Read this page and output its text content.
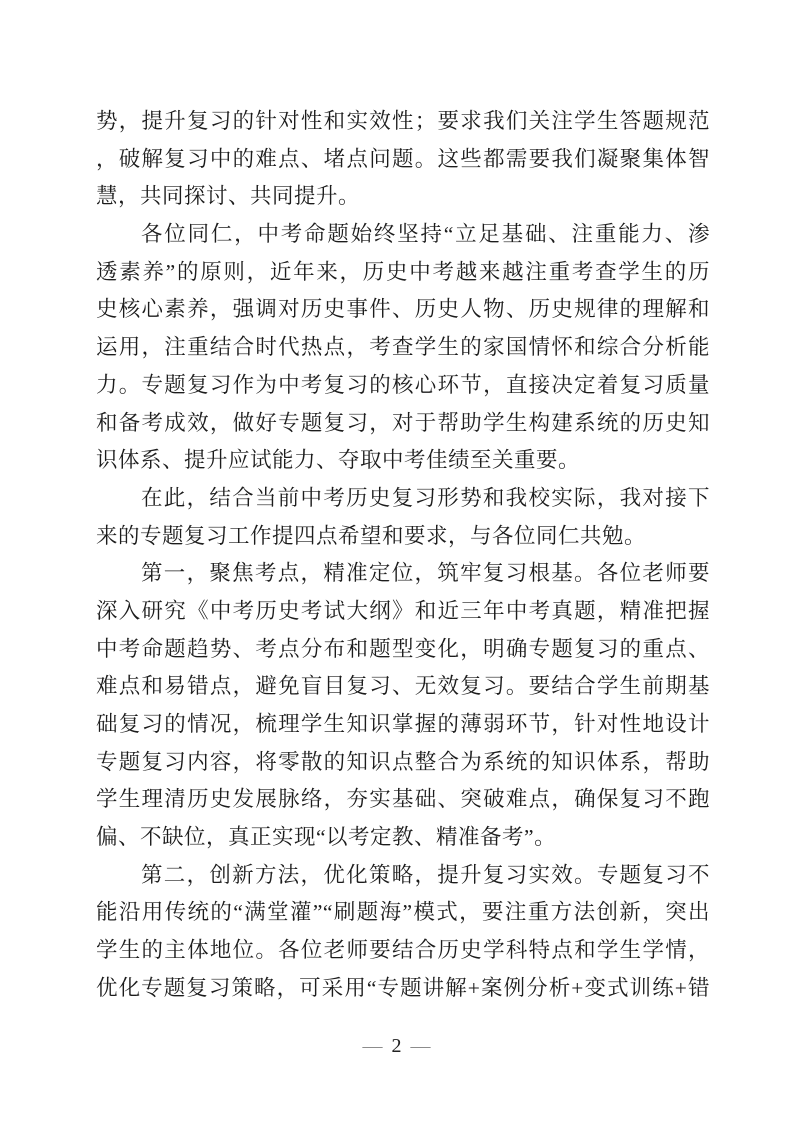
势，提升复习的针对性和实效性；要求我们关注学生答题规范
，破解复习中的难点、堵点问题。这些都需要我们凝聚集体智
慧，共同探讨、共同提升。
各位同仁，中考命题始终坚持“立足基础、注重能力、渗
透素养”的原则，近年来，历史中考越来越注重考查学生的历
史核心素养，强调对历史事件、历史人物、历史规律的理解和
运用，注重结合时代热点，考查学生的家国情怀和综合分析能
力。专题复习作为中考复习的核心环节，直接决定着复习质量
和备考成效，做好专题复习，对于帮助学生构建系统的历史知
识体系、提升应试能力、夺取中考佳绩至关重要。
在此，结合当前中考历史复习形势和我校实际，我对接下
来的专题复习工作提四点希望和要求，与各位同仁共勉。
第一，聚焦考点，精准定位，筑牢复习根基。各位老师要
深入研究《中考历史考试大纲》和近三年中考真题，精准把握
中考命题趋势、考点分布和题型变化，明确专题复习的重点、
难点和易错点，避免盲目复习、无效复习。要结合学生前期基
础复习的情况，梳理学生知识掌握的薄弱环节，针对性地设计
专题复习内容，将零散的知识点整合为系统的知识体系，帮助
学生理清历史发展脉络，夯实基础、突破难点，确保复习不跑
偏、不缺位，真正实现“以考定教、精准备考”。
第二，创新方法，优化策略，提升复习实效。专题复习不
能沿用传统的“满堂灌”“刷题海”模式，要注重方法创新，突出
学生的主体地位。各位老师要结合历史学科特点和学生学情，
优化专题复习策略，可采用“专题讲解+案例分析+变式训练+错
— 2 —
